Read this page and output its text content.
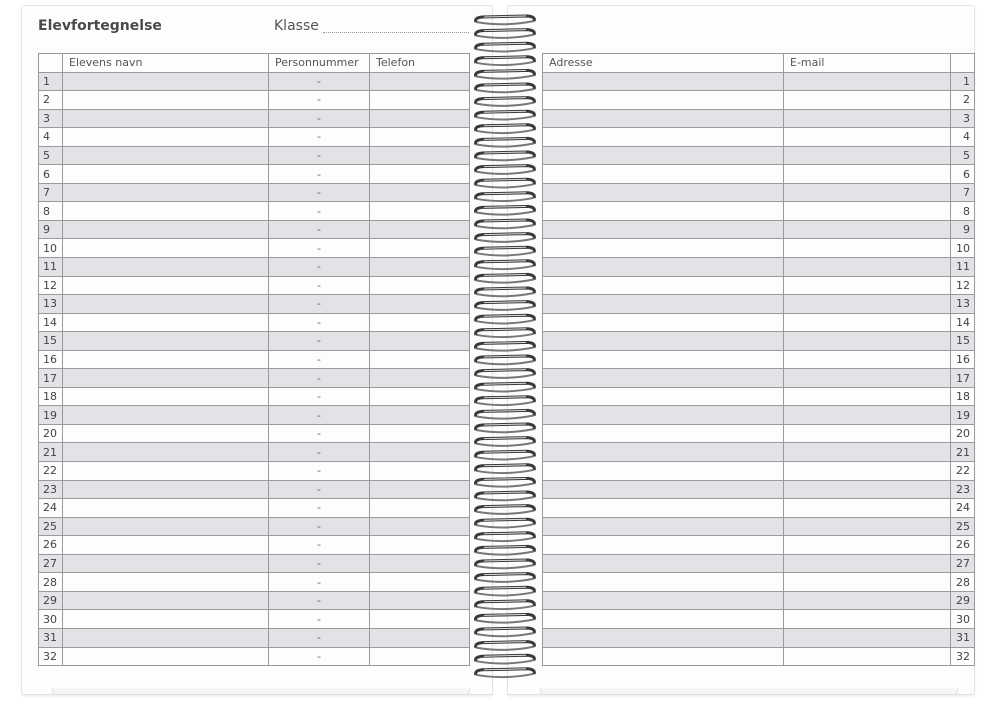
Elevfortegnelse	Klasse
	Elevens navn	Personnummer	Telefon
1		-	
2		-	
3		-	
4		-	
5		-	
6		-	
7		-	
8		-	
9		-	
10		-	
11		-	
12		-	
13		-	
14		-	
15		-	
16		-	
17		-	
18		-	
19		-	
20		-	
21		-	
22		-	
23		-	
24		-	
25		-	
26		-	
27		-	
28		-	
29		-	
30		-	
31		-	
32		-	
Adresse	E-mail	
		1
		2
		3
		4
		5
		6
		7
		8
		9
		10
		11
		12
		13
		14
		15
		16
		17
		18
		19
		20
		21
		22
		23
		24
		25
		26
		27
		28
		29
		30
		31
		32
